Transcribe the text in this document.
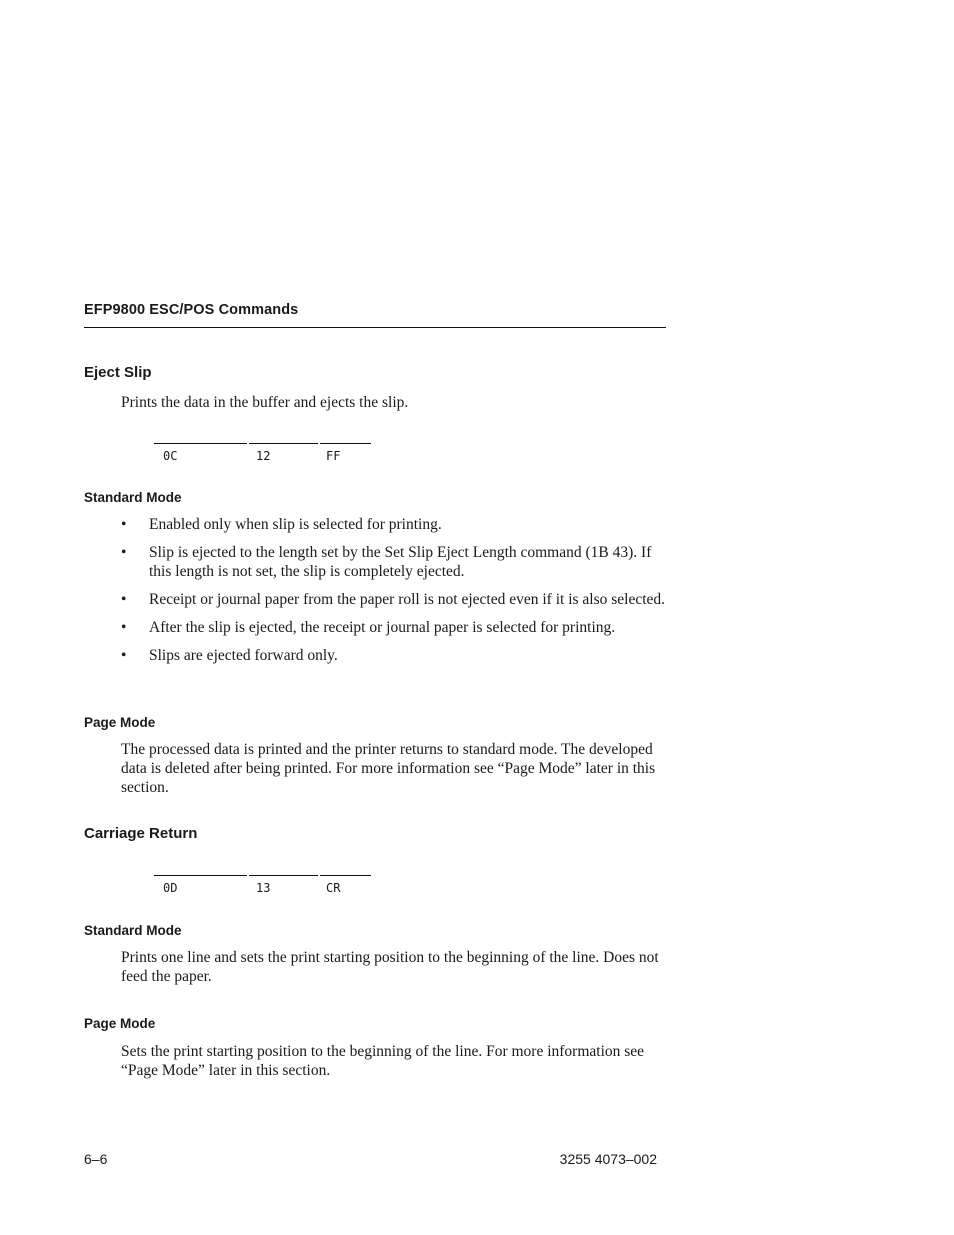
EFP9800 ESC/POS Commands
Eject Slip
Prints the data in the buffer and ejects the slip.
0C	12	FF
Standard Mode
• Enabled only when slip is selected for printing.
• Slip is ejected to the length set by the Set Slip Eject Length command (1B 43). If this length is not set, the slip is completely ejected.
• Receipt or journal paper from the paper roll is not ejected even if it is also selected.
• After the slip is ejected, the receipt or journal paper is selected for printing.
• Slips are ejected forward only.
Page Mode
The processed data is printed and the printer returns to standard mode. The developed data is deleted after being printed. For more information see “Page Mode” later in this section.
Carriage Return
0D	13	CR
Standard Mode
Prints one line and sets the print starting position to the beginning of the line. Does not feed the paper.
Page Mode
Sets the print starting position to the beginning of the line. For more information see “Page Mode” later in this section.
6–6	3255 4073–002
